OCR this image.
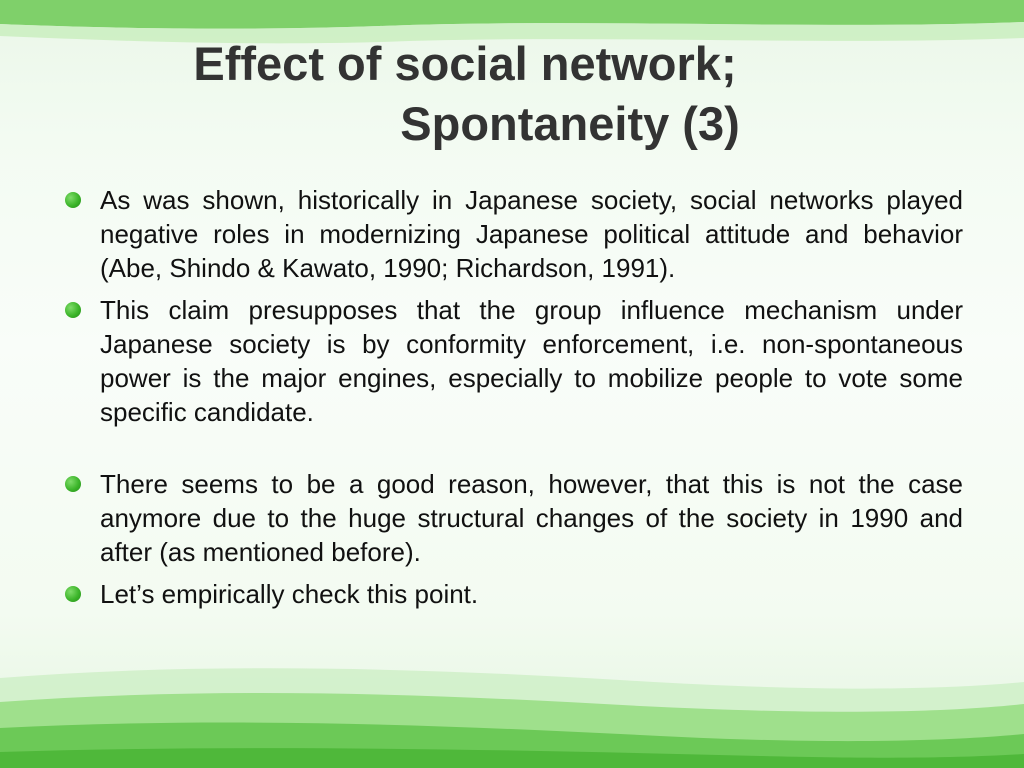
Effect of social network;
Spontaneity (3)
As was shown, historically in Japanese society, social networks played negative roles in modernizing Japanese political attitude and behavior (Abe, Shindo & Kawato, 1990; Richardson, 1991).
This claim presupposes that the group influence mechanism under Japanese society is by conformity enforcement, i.e. non-spontaneous power is the major engines, especially to mobilize people to vote some specific candidate.
There seems to be a good reason, however, that this is not the case anymore due to the huge structural changes of the society in 1990 and after (as mentioned before).
Let’s empirically check this point.
